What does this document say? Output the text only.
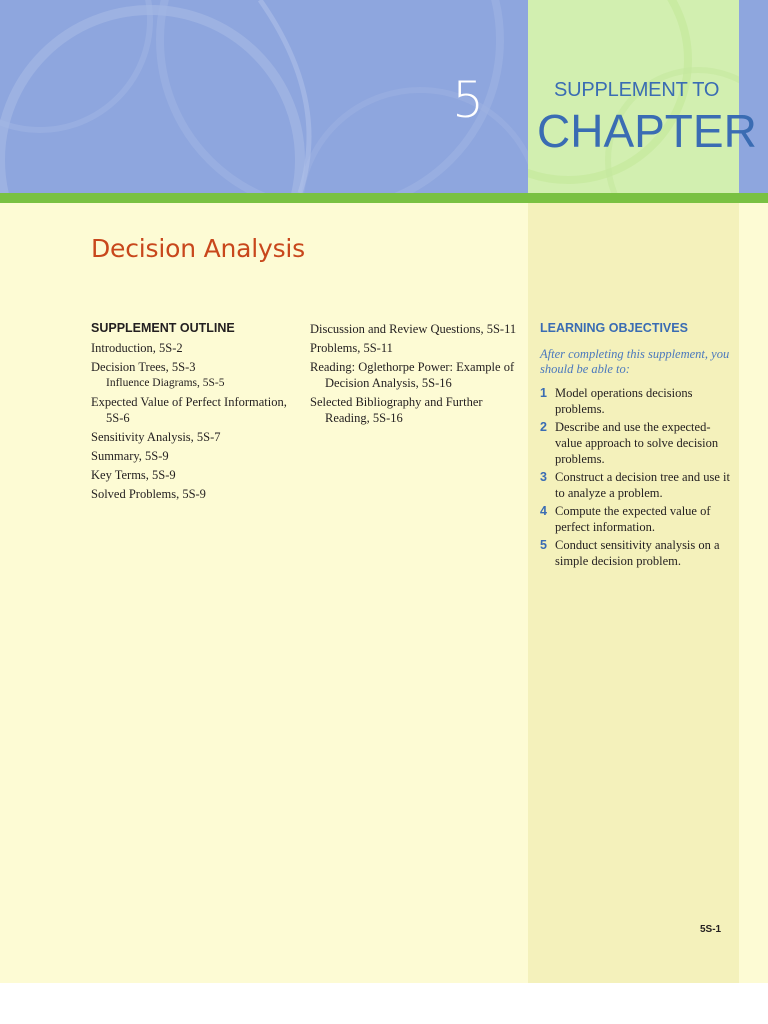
5	SUPPLEMENT TO
CHAPTER
Decision Analysis
SUPPLEMENT OUTLINE
Introduction, 5S-2
Decision Trees, 5S-3
Influence Diagrams, 5S-5
Expected Value of Perfect Information, 5S-6
Sensitivity Analysis, 5S-7
Summary, 5S-9
Key Terms, 5S-9
Solved Problems, 5S-9
Discussion and Review Questions, 5S-11
Problems, 5S-11
Reading: Oglethorpe Power: Example of Decision Analysis, 5S-16
Selected Bibliography and Further Reading, 5S-16
LEARNING OBJECTIVES
After completing this supplement, you should be able to:
1 Model operations decisions problems.
2 Describe and use the expected-value approach to solve decision problems.
3 Construct a decision tree and use it to analyze a problem.
4 Compute the expected value of perfect information.
5 Conduct sensitivity analysis on a simple decision problem.
5S-1
